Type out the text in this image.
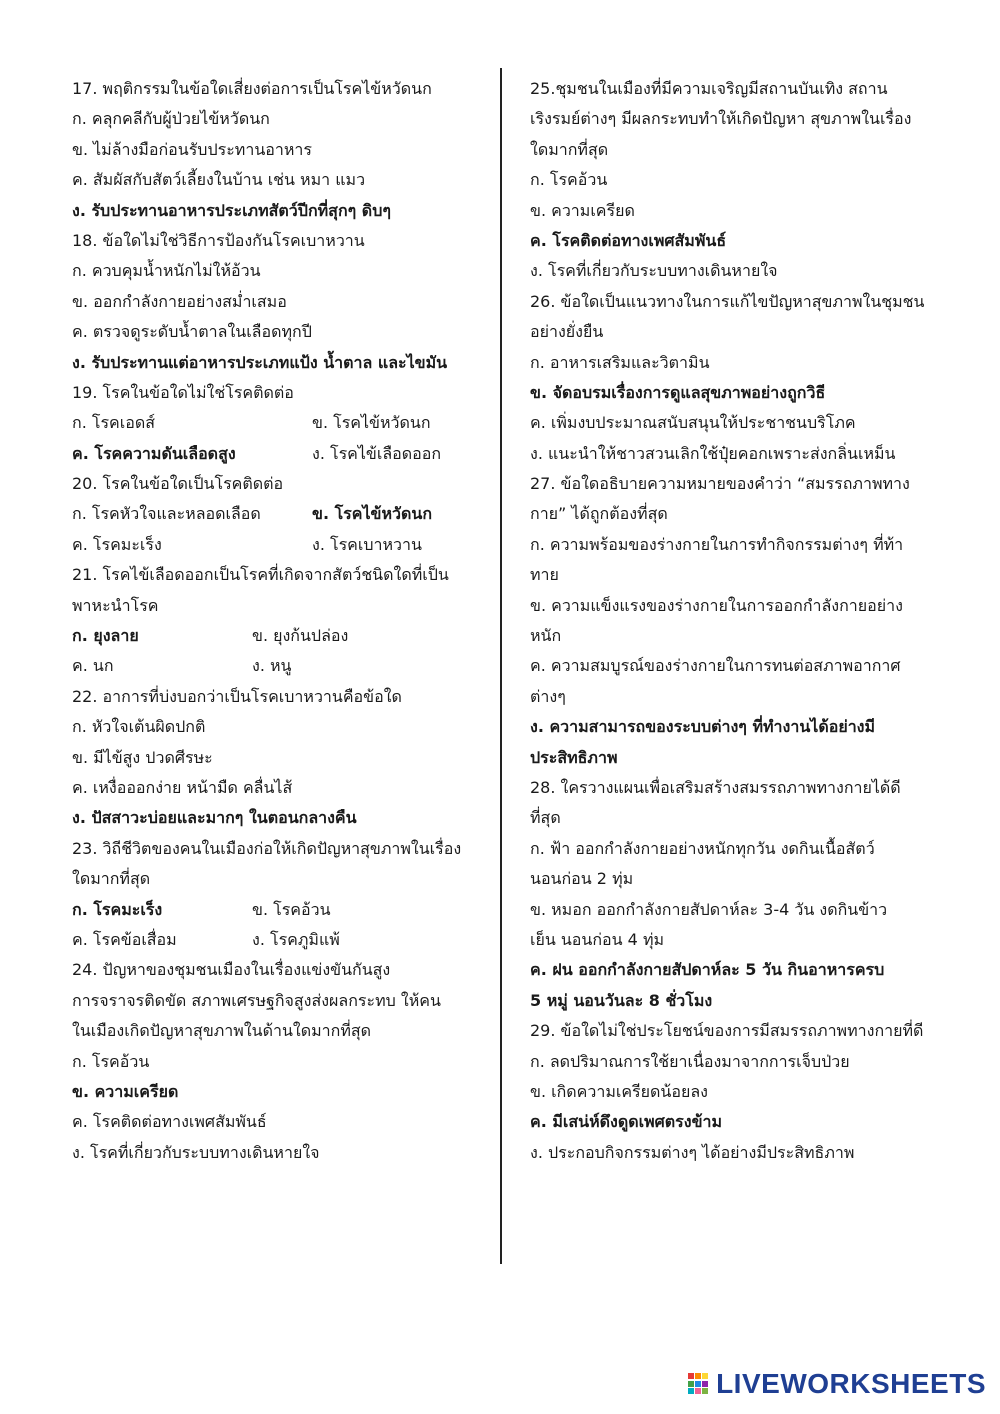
17. พฤติกรรมในข้อใดเสี่ยงต่อการเป็นโรคไข้หวัดนก
ก. คลุกคลีกับผู้ป่วยไข้หวัดนก
ข. ไม่ล้างมือก่อนรับประทานอาหาร
ค. สัมผัสกับสัตว์เลี้ยงในบ้าน เช่น หมา แมว
ง. รับประทานอาหารประเภทสัตว์ปีกที่สุกๆ ดิบๆ
18. ข้อใดไม่ใช่วิธีการป้องกันโรคเบาหวาน
ก. ควบคุมน้ำหนักไม่ให้อ้วน
ข. ออกกำลังกายอย่างสม่ำเสมอ
ค. ตรวจดูระดับน้ำตาลในเลือดทุกปี
ง. รับประทานแต่อาหารประเภทแป้ง น้ำตาล และไขมัน
19. โรคในข้อใดไม่ใช่โรคติดต่อ
ก. โรคเอดส์	ข. โรคไข้หวัดนก
ค. โรคความดันเลือดสูง	ง. โรคไข้เลือดออก
20. โรคในข้อใดเป็นโรคติดต่อ
ก. โรคหัวใจและหลอดเลือด	ข. โรคไข้หวัดนก
ค. โรคมะเร็ง	ง. โรคเบาหวาน
21. โรคไข้เลือดออกเป็นโรคที่เกิดจากสัตว์ชนิดใดที่เป็น
พาหะนำโรค
ก. ยุงลาย	ข. ยุงก้นปล่อง
ค. นก	ง. หนู
22. อาการที่บ่งบอกว่าเป็นโรคเบาหวานคือข้อใด
ก. หัวใจเต้นผิดปกติ
ข. มีไข้สูง ปวดศีรษะ
ค. เหงื่อออกง่าย หน้ามืด คลื่นไส้
ง. ปัสสาวะบ่อยและมากๆ ในตอนกลางคืน
23. วิถีชีวิตของคนในเมืองก่อให้เกิดปัญหาสุขภาพในเรื่อง
ใดมากที่สุด
ก. โรคมะเร็ง	ข. โรคอ้วน
ค. โรคข้อเสื่อม	ง. โรคภูมิแพ้
24. ปัญหาของชุมชนเมืองในเรื่องแข่งขันกันสูง
การจราจรติดขัด สภาพเศรษฐกิจสูงส่งผลกระทบ ให้คน
ในเมืองเกิดปัญหาสุขภาพในด้านใดมากที่สุด
ก. โรคอ้วน
ข. ความเครียด
ค. โรคติดต่อทางเพศสัมพันธ์
ง. โรคที่เกี่ยวกับระบบทางเดินหายใจ
25.ชุมชนในเมืองที่มีความเจริญมีสถานบันเทิง สถาน
เริงรมย์ต่างๆ มีผลกระทบทำให้เกิดปัญหา สุขภาพในเรื่อง
ใดมากที่สุด
ก. โรคอ้วน
ข. ความเครียด
ค. โรคติดต่อทางเพศสัมพันธ์
ง. โรคที่เกี่ยวกับระบบทางเดินหายใจ
26. ข้อใดเป็นแนวทางในการแก้ไขปัญหาสุขภาพในชุมชน
อย่างยั่งยืน
ก. อาหารเสริมและวิตามิน
ข. จัดอบรมเรื่องการดูแลสุขภาพอย่างถูกวิธี
ค. เพิ่มงบประมาณสนับสนุนให้ประชาชนบริโภค
ง. แนะนำให้ชาวสวนเลิกใช้ปุ๋ยคอกเพราะส่งกลิ่นเหม็น
27. ข้อใดอธิบายความหมายของคำว่า “สมรรถภาพทาง
กาย” ได้ถูกต้องที่สุด
ก. ความพร้อมของร่างกายในการทำกิจกรรมต่างๆ ที่ท้า
ทาย
ข. ความแข็งแรงของร่างกายในการออกกำลังกายอย่าง
หนัก
ค. ความสมบูรณ์ของร่างกายในการทนต่อสภาพอากาศ
ต่างๆ
ง. ความสามารถของระบบต่างๆ ที่ทำงานได้อย่างมี
ประสิทธิภาพ
28. ใครวางแผนเพื่อเสริมสร้างสมรรถภาพทางกายได้ดี
ที่สุด
ก. ฟ้า ออกกำลังกายอย่างหนักทุกวัน งดกินเนื้อสัตว์
นอนก่อน 2 ทุ่ม
ข. หมอก ออกกำลังกายสัปดาห์ละ 3-4 วัน งดกินข้าว
เย็น นอนก่อน 4 ทุ่ม
ค. ฝน ออกกำลังกายสัปดาห์ละ 5 วัน กินอาหารครบ
5 หมู่ นอนวันละ 8 ชั่วโมง
29. ข้อใดไม่ใช่ประโยชน์ของการมีสมรรถภาพทางกายที่ดี
ก. ลดปริมาณการใช้ยาเนื่องมาจากการเจ็บป่วย
ข. เกิดความเครียดน้อยลง
ค. มีเสน่ห์ดึงดูดเพศตรงข้าม
ง. ประกอบกิจกรรมต่างๆ ได้อย่างมีประสิทธิภาพ
LIVEWORKSHEETS
